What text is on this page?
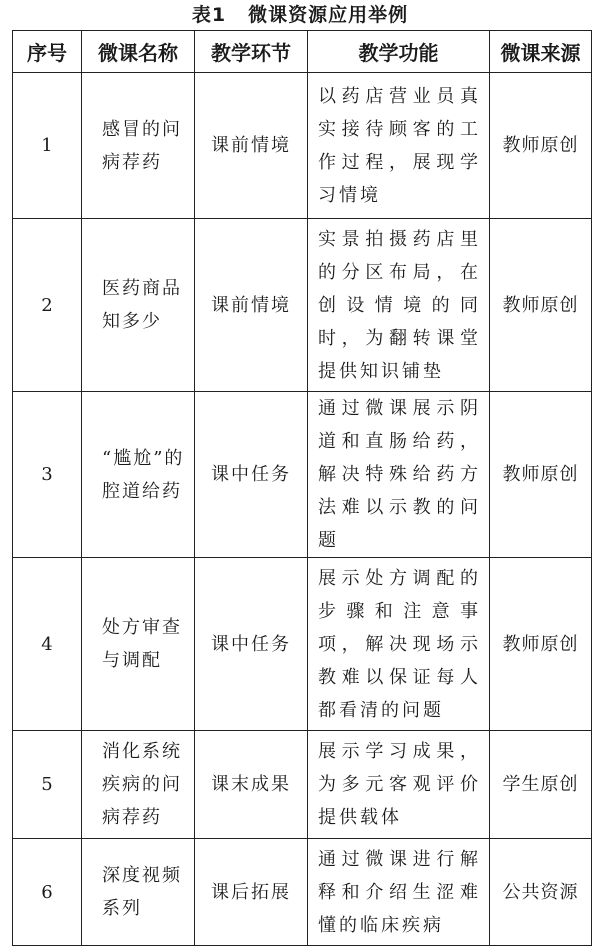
表1 微课资源应用举例
序号	微课名称	教学环节	教学功能	微课来源
1	感冒的问病荐药	课前情境	以药店营业员真实接待顾客的工作过程，展现学习情境	教师原创
2	医药商品知多少	课前情境	实景拍摄药店里的分区布局，在创设情境的同时，为翻转课堂提供知识铺垫	教师原创
3	“尴尬”的腔道给药	课中任务	通过微课展示阴道和直肠给药，解决特殊给药方法难以示教的问题	教师原创
4	处方审查与调配	课中任务	展示处方调配的步骤和注意事项，解决现场示教难以保证每人都看清的问题	教师原创
5	消化系统疾病的问病荐药	课末成果	展示学习成果，为多元客观评价提供载体	学生原创
6	深度视频系列	课后拓展	通过微课进行解释和介绍生涩难懂的临床疾病	公共资源
